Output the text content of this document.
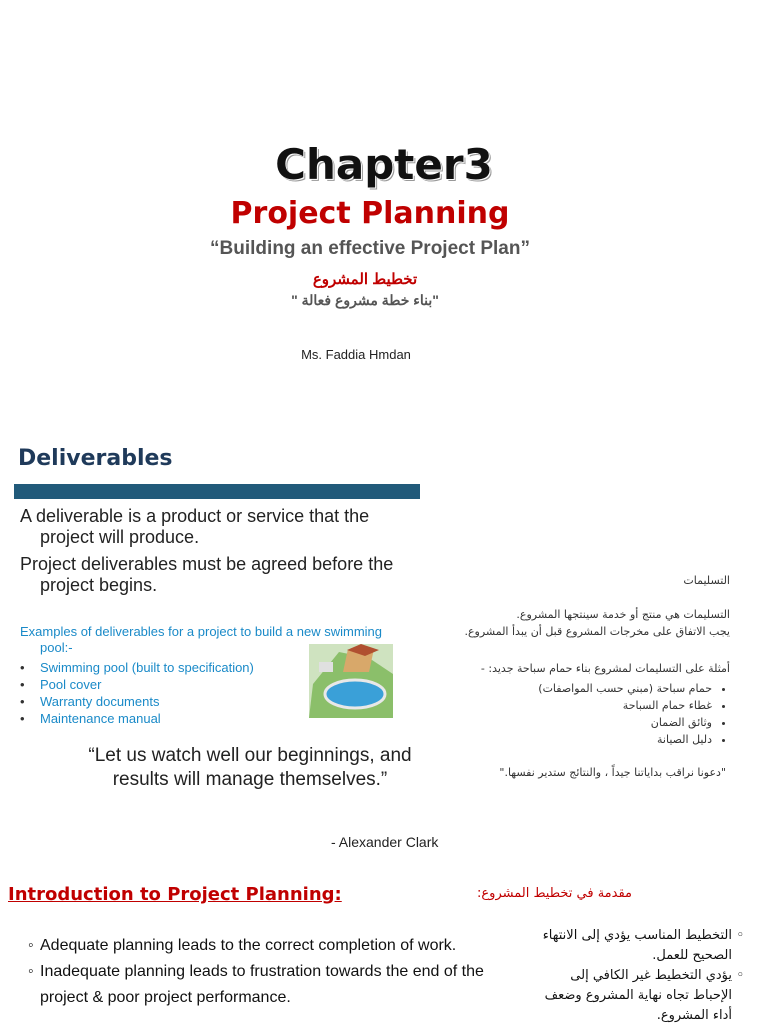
Chapter3
Project Planning
“Building an effective Project Plan”
تخطيط المشروع
"بناء خطة مشروع فعالة "
Ms. Faddia Hmdan
Deliverables
A deliverable is a product or service that the
project will produce.
Project deliverables must be agreed before the
project begins.
Examples of deliverables for a project to build a new swimming
pool:-
• Swimming pool (built to specification)
• Pool cover
• Warranty documents
• Maintenance manual
“Let us watch well our beginnings, and
results will manage themselves.”
- Alexander Clark
التسليمات
التسليمات هي منتج أو خدمة سينتجها المشروع.
يجب الاتفاق على مخرجات المشروع قبل أن يبدأ المشروع.
أمثلة على التسليمات لمشروع بناء حمام سباحة جديد: -
• حمام سباحة (مبني حسب المواصفات)
• غطاء حمام السباحة
• وثائق الضمان
• دليل الصيانة
"دعونا نراقب بداياتنا جيداً ، والنتائج ستدير نفسها."
Introduction to Project Planning:
◦ Adequate planning leads to the correct completion of work.
◦ Inadequate planning leads to frustration towards the end of the project & poor project performance.
مقدمة في تخطيط المشروع:
◦ التخطيط المناسب يؤدي إلى الانتهاء الصحيح للعمل.
◦ يؤدي التخطيط غير الكافي إلى الإحباط تجاه نهاية المشروع وضعف أداء المشروع.
